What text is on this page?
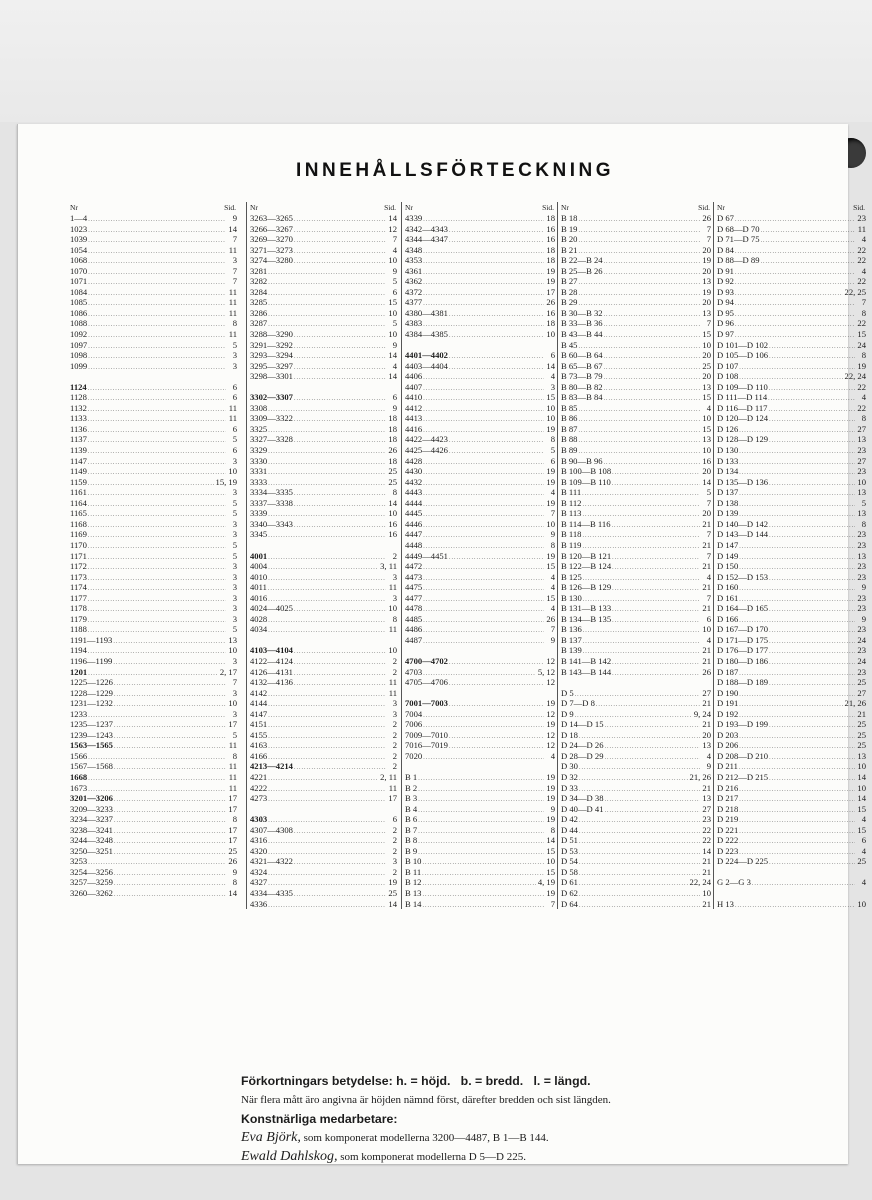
INNEHÅLLSFÖRTECKNING
Nr	Sid.
1—4 .....	9
1023 .....	14
1039 .....	7
1054 .....	11
1068 .....	3
1070 .....	7
1071 .....	7
1084 .....	11
1085 .....	11
1086 .....	11
1088 .....	8
1092 .....	11
1097 .....	5
1098 .....	3
1099 .....	3
1124 .....	6
1128 .....	6
1132 .....	11
1133 .....	11
1136 .....	6
1137 .....	5
1139 .....	6
1147 .....	3
1149 .....	10
1159 .....	15, 19
1161 .....	3
1164 .....	5
1165 .....	5
1168 .....	3
1169 .....	3
1170 .....	5
1171 .....	5
1172 .....	3
1173 .....	3
1174 .....	3
1177 .....	3
1178 .....	3
1179 .....	3
1188 .....	5
1191—1193 .....	13
1194 .....	10
1196—1199 .....	3
1201 .....	2, 17
1225—1226 .....	7
1228—1229 .....	3
1231—1232 .....	10
1233 .....	3
1235—1237 .....	17
1239—1243 .....	5
1563—1565 .....	11
1566 .....	8
1567—1568 .....	11
1668 .....	11
1673 .....	11
3201—3206 .....	17
3209—3233 .....	17
3234—3237 .....	8
3238—3241 .....	17
3244—3248 .....	17
3250—3251 .....	25
3253 .....	26
3254—3256 .....	9
3257—3259 .....	8
3260—3262 .....	14
Nr	Sid.
3263—3265 .....	14
3266—3267 .....	12
3269—3270 .....	7
3271—3273 .....	4
3274—3280 .....	10
3281 .....	9
3282 .....	5
3284 .....	6
3285 .....	15
3286 .....	10
3287 .....	5
3288—3290 .....	10
3291—3292 .....	9
3293—3294 .....	14
3295—3297 .....	4
3298—3301 .....	14
3302—3307 .....	6
3308 .....	9
3309—3322 .....	18
3325 .....	18
3327—3328 .....	18
3329 .....	26
3330 .....	18
3331 .....	25
3333 .....	25
3334—3335 .....	8
3337—3338 .....	14
3339 .....	10
3340—3343 .....	16
3345 .....	16
4001 .....	2
4004 .....	3, 11
4010 .....	3
4011 .....	11
4016 .....	3
4024—4025 .....	10
4028 .....	8
4034 .....	11
4103—4104 .....	10
4122—4124 .....	2
4126—4131 .....	2
4132—4136 .....	11
4142 .....	11
4144 .....	3
4147 .....	3
4151 .....	2
4155 .....	2
4163 .....	2
4166 .....	2
4213—4214 .....	2
4221 .....	2, 11
4222 .....	11
4273 .....	17
4303 .....	6
4307—4308 .....	2
4316 .....	2
4320 .....	2
4321—4322 .....	3
4324 .....	2
4327 .....	19
4334—4335 .....	25
4336 .....	14
Nr	Sid.
4339 .....	18
4342—4343 .....	16
4344—4347 .....	16
4348 .....	18
4353 .....	18
4361 .....	19
4362 .....	19
4372 .....	17
4377 .....	26
4380—4381 .....	16
4383 .....	18
4384—4385 .....	10
4401—4402 .....	6
4403—4404 .....	14
4406 .....	4
4407 .....	3
4410 .....	15
4412 .....	10
4413 .....	10
4416 .....	19
4422—4423 .....	8
4425—4426 .....	5
4428 .....	6
4430 .....	19
4432 .....	19
4443 .....	4
4444 .....	19
4445 .....	7
4446 .....	10
4447 .....	9
4448 .....	8
4449—4451 .....	19
4472 .....	15
4473 .....	4
4475 .....	4
4477 .....	15
4478 .....	4
4485 .....	26
4486 .....	7
4487 .....	9
4700—4702 .....	12
4703 .....	5, 12
4705—4706 .....	12
7001—7003 .....	19
7004 .....	12
7006 .....	19
7009—7010 .....	12
7016—7019 .....	12
7020 .....	4
B 1 .....	19
B 2 .....	19
B 3 .....	19
B 4 .....	9
B 6 .....	19
B 7 .....	8
B 8 .....	14
B 9 .....	15
B 10 .....	10
B 11 .....	15
B 12 .....	4, 19
B 13 .....	19
B 14 .....	7
Nr	Sid.
B 18 .....	26
B 19 .....	7
B 20 .....	7
B 21 .....	20
B 22—B 24 .....	19
B 25—B 26 .....	20
B 27 .....	13
B 28 .....	19
B 29 .....	20
B 30—B 32 .....	13
B 33—B 36 .....	7
B 43—B 44 .....	15
B 45 .....	10
B 60—B 64 .....	20
B 65—B 67 .....	25
B 73—B 79 .....	20
B 80—B 82 .....	13
B 83—B 84 .....	15
B 85 .....	4
B 86 .....	10
B 87 .....	15
B 88 .....	13
B 89 .....	10
B 90—B 96 .....	16
B 100—B 108 .....	20
B 109—B 110 .....	14
B 111 .....	5
B 112 .....	7
B 113 .....	20
B 114—B 116 .....	21
B 118 .....	7
B 119 .....	21
B 120—B 121 .....	7
B 122—B 124 .....	21
B 125 .....	4
B 126—B 129 .....	21
B 130 .....	7
B 131—B 133 .....	21
B 134—B 135 .....	6
B 136 .....	10
B 137 .....	4
B 139 .....	21
B 141—B 142 .....	21
B 143—B 144 .....	26
D 5 .....	27
D 7—D 8 .....	21
D 9 .....	9, 24
D 14—D 15 .....	21
D 18 .....	20
D 24—D 26 .....	13
D 28—D 29 .....	4
D 30 .....	9
D 32 .....	21, 26
D 33 .....	21
D 34—D 38 .....	13
D 40—D 41 .....	27
D 42 .....	23
D 44 .....	22
D 51 .....	22
D 53 .....	14
D 54 .....	21
D 58 .....	21
D 61 .....	22, 24
D 62 .....	10
D 64 .....	21
Nr	Sid.
D 67 .....	23
D 68—D 70 .....	11
D 71—D 75 .....	4
D 84 .....	22
D 88—D 89 .....	22
D 91 .....	4
D 92 .....	22
D 93 .....	22, 25
D 94 .....	7
D 95 .....	8
D 96 .....	22
D 97 .....	15
D 101—D 102 .....	24
D 105—D 106 .....	8
D 107 .....	19
D 108 .....	22, 24
D 109—D 110 .....	22
D 111—D 114 .....	4
D 116—D 117 .....	22
D 120—D 124 .....	8
D 126 .....	27
D 128—D 129 .....	13
D 130 .....	23
D 133 .....	27
D 134 .....	23
D 135—D 136 .....	10
D 137 .....	13
D 138 .....	5
D 139 .....	13
D 140—D 142 .....	8
D 143—D 144 .....	23
D 147 .....	23
D 149 .....	13
D 150 .....	23
D 152—D 153 .....	23
D 160 .....	9
D 161 .....	23
D 164—D 165 .....	23
D 166 .....	9
D 167—D 170 .....	23
D 171—D 175 .....	24
D 176—D 177 .....	23
D 180—D 186 .....	24
D 187 .....	23
D 188—D 189 .....	25
D 190 .....	27
D 191 .....	21, 26
D 192 .....	21
D 193—D 199 .....	25
D 203 .....	25
D 206 .....	25
D 208—D 210 .....	13
D 211 .....	10
D 212—D 215 .....	14
D 216 .....	10
D 217 .....	14
D 218 .....	15
D 219 .....	4
D 221 .....	15
D 222 .....	6
D 223 .....	4
D 224—D 225 .....	25
G 2—G 3 .....	4
H 13 .....	10
Förkortningars betydelse: h. = höjd.   b. = bredd.   l. = längd.
När flera mått äro angivna är höjden nämnd först, därefter bredden och sist längden.
Konstnärliga medarbetare:
Eva Björk, som komponerat modellerna 3200—4487, B 1—B 144.
Ewald Dahlskog, som komponerat modellerna D 5—D 225.
